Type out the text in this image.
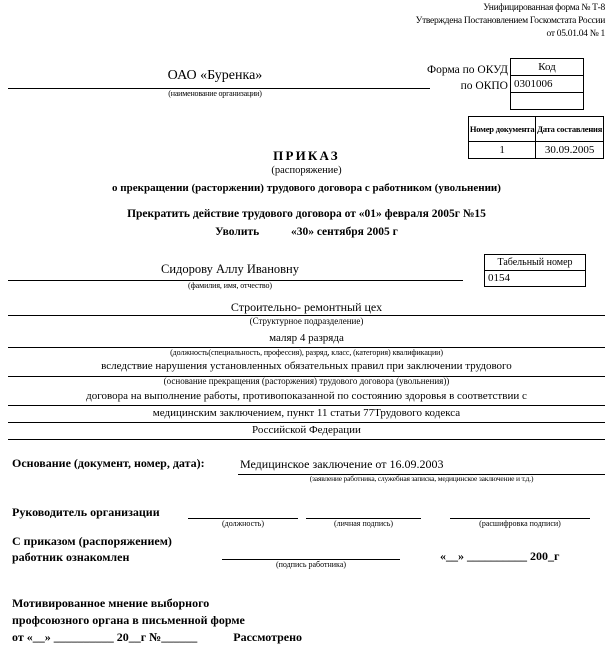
Унифицированная форма № Т-8
Утверждена Постановлением Госкомстата России
от 05.01.04 № 1
ОАО «Буренка»
(наименование организации)
Форма по ОКУД
по ОКПО
Код
0301006
Номер документа	Дата составления
1	30.09.2005
ПРИКАЗ
(распоряжение)
о прекращении (расторжении) трудового договора с работником (увольнении)
Прекратить действие трудового договора от «01» февраля 2005г №15
Уволить	«30» сентября 2005 г
Табельный номер
0154
Сидорову Аллу Ивановну
(фамилия, имя, отчество)
Строительно- ремонтный цех
(Структурное подразделение)
маляр 4 разряда
(должность(специальность, профессия), разряд, класс, (категория) квалификации)
вследствие нарушения установленных обязательных правил при заключении трудового
(основание прекращения (расторжения) трудового договора (увольнения))
договора на выполнение работы, противопоказанной по состоянию здоровья в соответствии с
медицинским заключением, пункт 11 статьи 77Трудового кодекса
Российской Федерации
Основание (документ, номер, дата):	Медицинское заключение от 16.09.2003
(заявление работника, служебная записка, медицинское заключение и т.д.)
Руководитель организации
(должность)	(личная подпись)	(расшифровка подписи)
С приказом (распоряжением)
работник ознакомлен
(подпись работника)
«__» __________ 200_г
Мотивированное мнение выборного
профсоюзного органа в письменной форме
от «__» __________ 20__г №______	Рассмотрено
